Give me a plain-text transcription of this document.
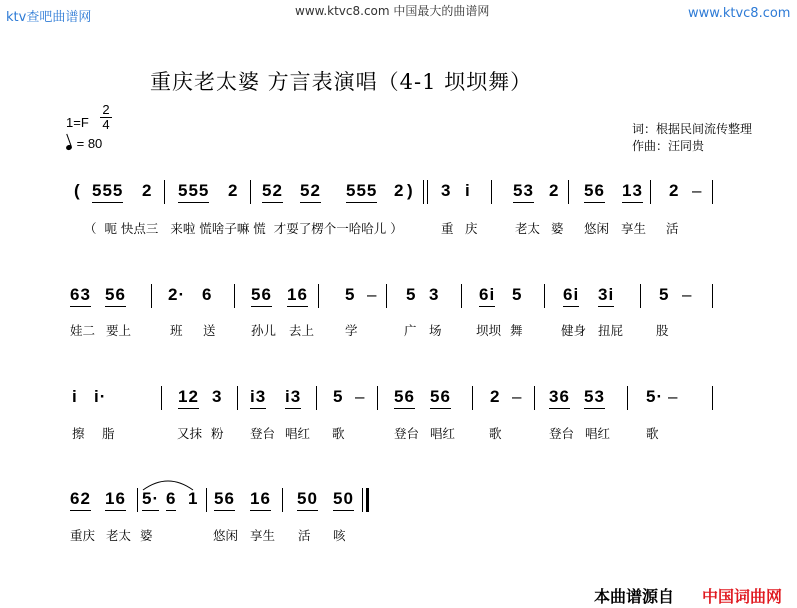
ktv查吧曲谱网	www.ktvc8.com 中国最大的曲谱网	www.ktvc8.com
重庆老太婆 方言表演唱（4-1 坝坝舞）
1=F
2
4
= 80
词：根据民间流传整理
作曲：汪同贵
( 555 2 555 2 52 52 555 2 ) 3 i 53 2 56 13 2 –
（  呃 快点三   来啦 慌啥子嘛 慌  才耍了楞个一哈哈儿 ）	重 庆	老太 婆 悠闲 享生 活
63 56 2· 6 56 16 5 – 5 3 6i 5 6i 3i	5 –
娃二 要上	班 送	孙儿 去上 学	广 场	坝坝 舞	健身 扭屁	股
i i·	12 3 i3 i3 5 – 56 56 2 – 36 53 5· –
擦 脂	又抹 粉 登台 唱红 歌	登台 唱红	歌	登台 唱红	歌
62 16 5· 6 1 56 16 50 50
重庆 老太 婆	悠闲 享生 活 咳
本曲谱源自 中国词曲网
